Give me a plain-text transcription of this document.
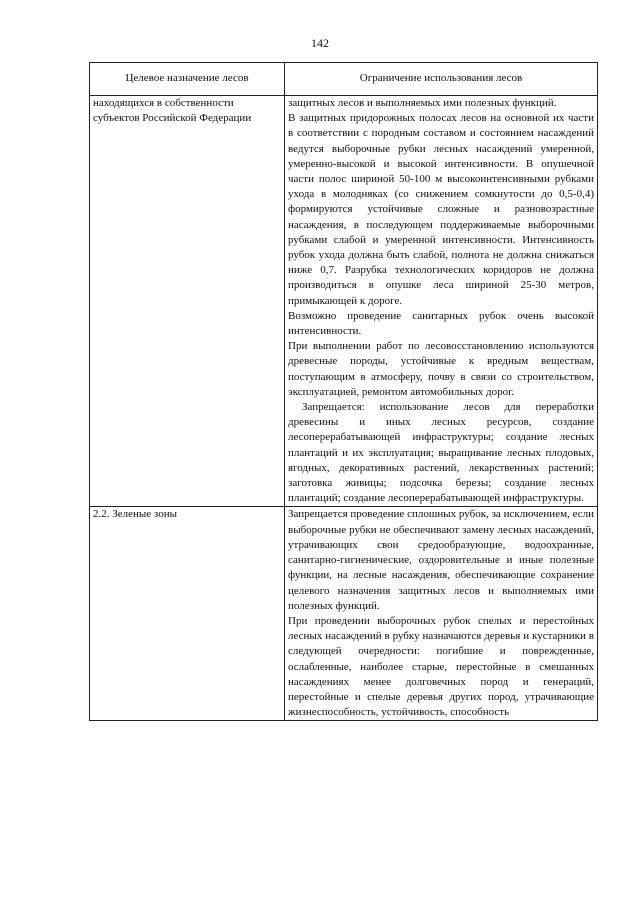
142
Целевое назначение лесов	Ограничение использования лесов
находящихся в собственности субъектов Российской Федерации	защитных лесов и выполняемых ими полезных функций.

В защитных придорожных полосах лесов на основной их части в соответствии с породным составом и состоянием насаждений ведутся выборочные рубки лесных насаждений умеренной, умеренно-высокой и высокой интенсивности. В опушечной части полос шириной 50-100 м высокоинтенсивными рубками ухода в молодняках (со снижением сомкнутости до 0,5-0,4) формируются устойчивые сложные и разновозрастные насаждения, в последующем поддерживаемые выборочными рубками слабой и умеренной интенсивности. Интенсивность рубок ухода должна быть слабой, полнота не должна снижаться ниже 0,7. Разрубка технологических коридоров не должна производиться в опушке леса шириной 25-30 метров, примыкающей к дороге.

Возможно проведение санитарных рубок очень высокой интенсивности.

При выполнении работ по лесовосстановлению используются древесные породы, устойчивые к вредным веществам, поступающим в атмосферу, почву в связи со строительством, эксплуатацией, ремонтом автомобильных дорог.

Запрещается: использование лесов для переработки древесины и иных лесных ресурсов, создание лесоперерабатывающей инфраструктуры; создание лесных плантаций и их эксплуатация; выращивание лесных плодовых, ягодных, декоративных растений, лекарственных растений; заготовка живицы; подсочка березы; создание лесных плантаций; создание лесоперерабатывающей инфраструктуры.

2.2. Зеленые зоны	Запрещается проведение сплошных рубок, за исключением, если выборочные рубки не обеспечивают замену лесных насаждений, утрачивающих свои средообразующие, водоохранные, санитарно-гигиенические, оздоровительные и иные полезные функции, на лесные насаждения, обеспечивающие сохранение целевого назначения защитных лесов и выполняемых ими полезных функций.

При проведении выборочных рубок спелых и перестойных лесных насаждений в рубку назначаются деревья и кустарники в следующей очередности: погибшие и поврежденные, ослабленные, наиболее старые, перестойные в смешанных насаждениях менее долговечных пород и генераций, перестойные и спелые деревья других пород, утрачивающие жизнеспособность, устойчивость, способность
